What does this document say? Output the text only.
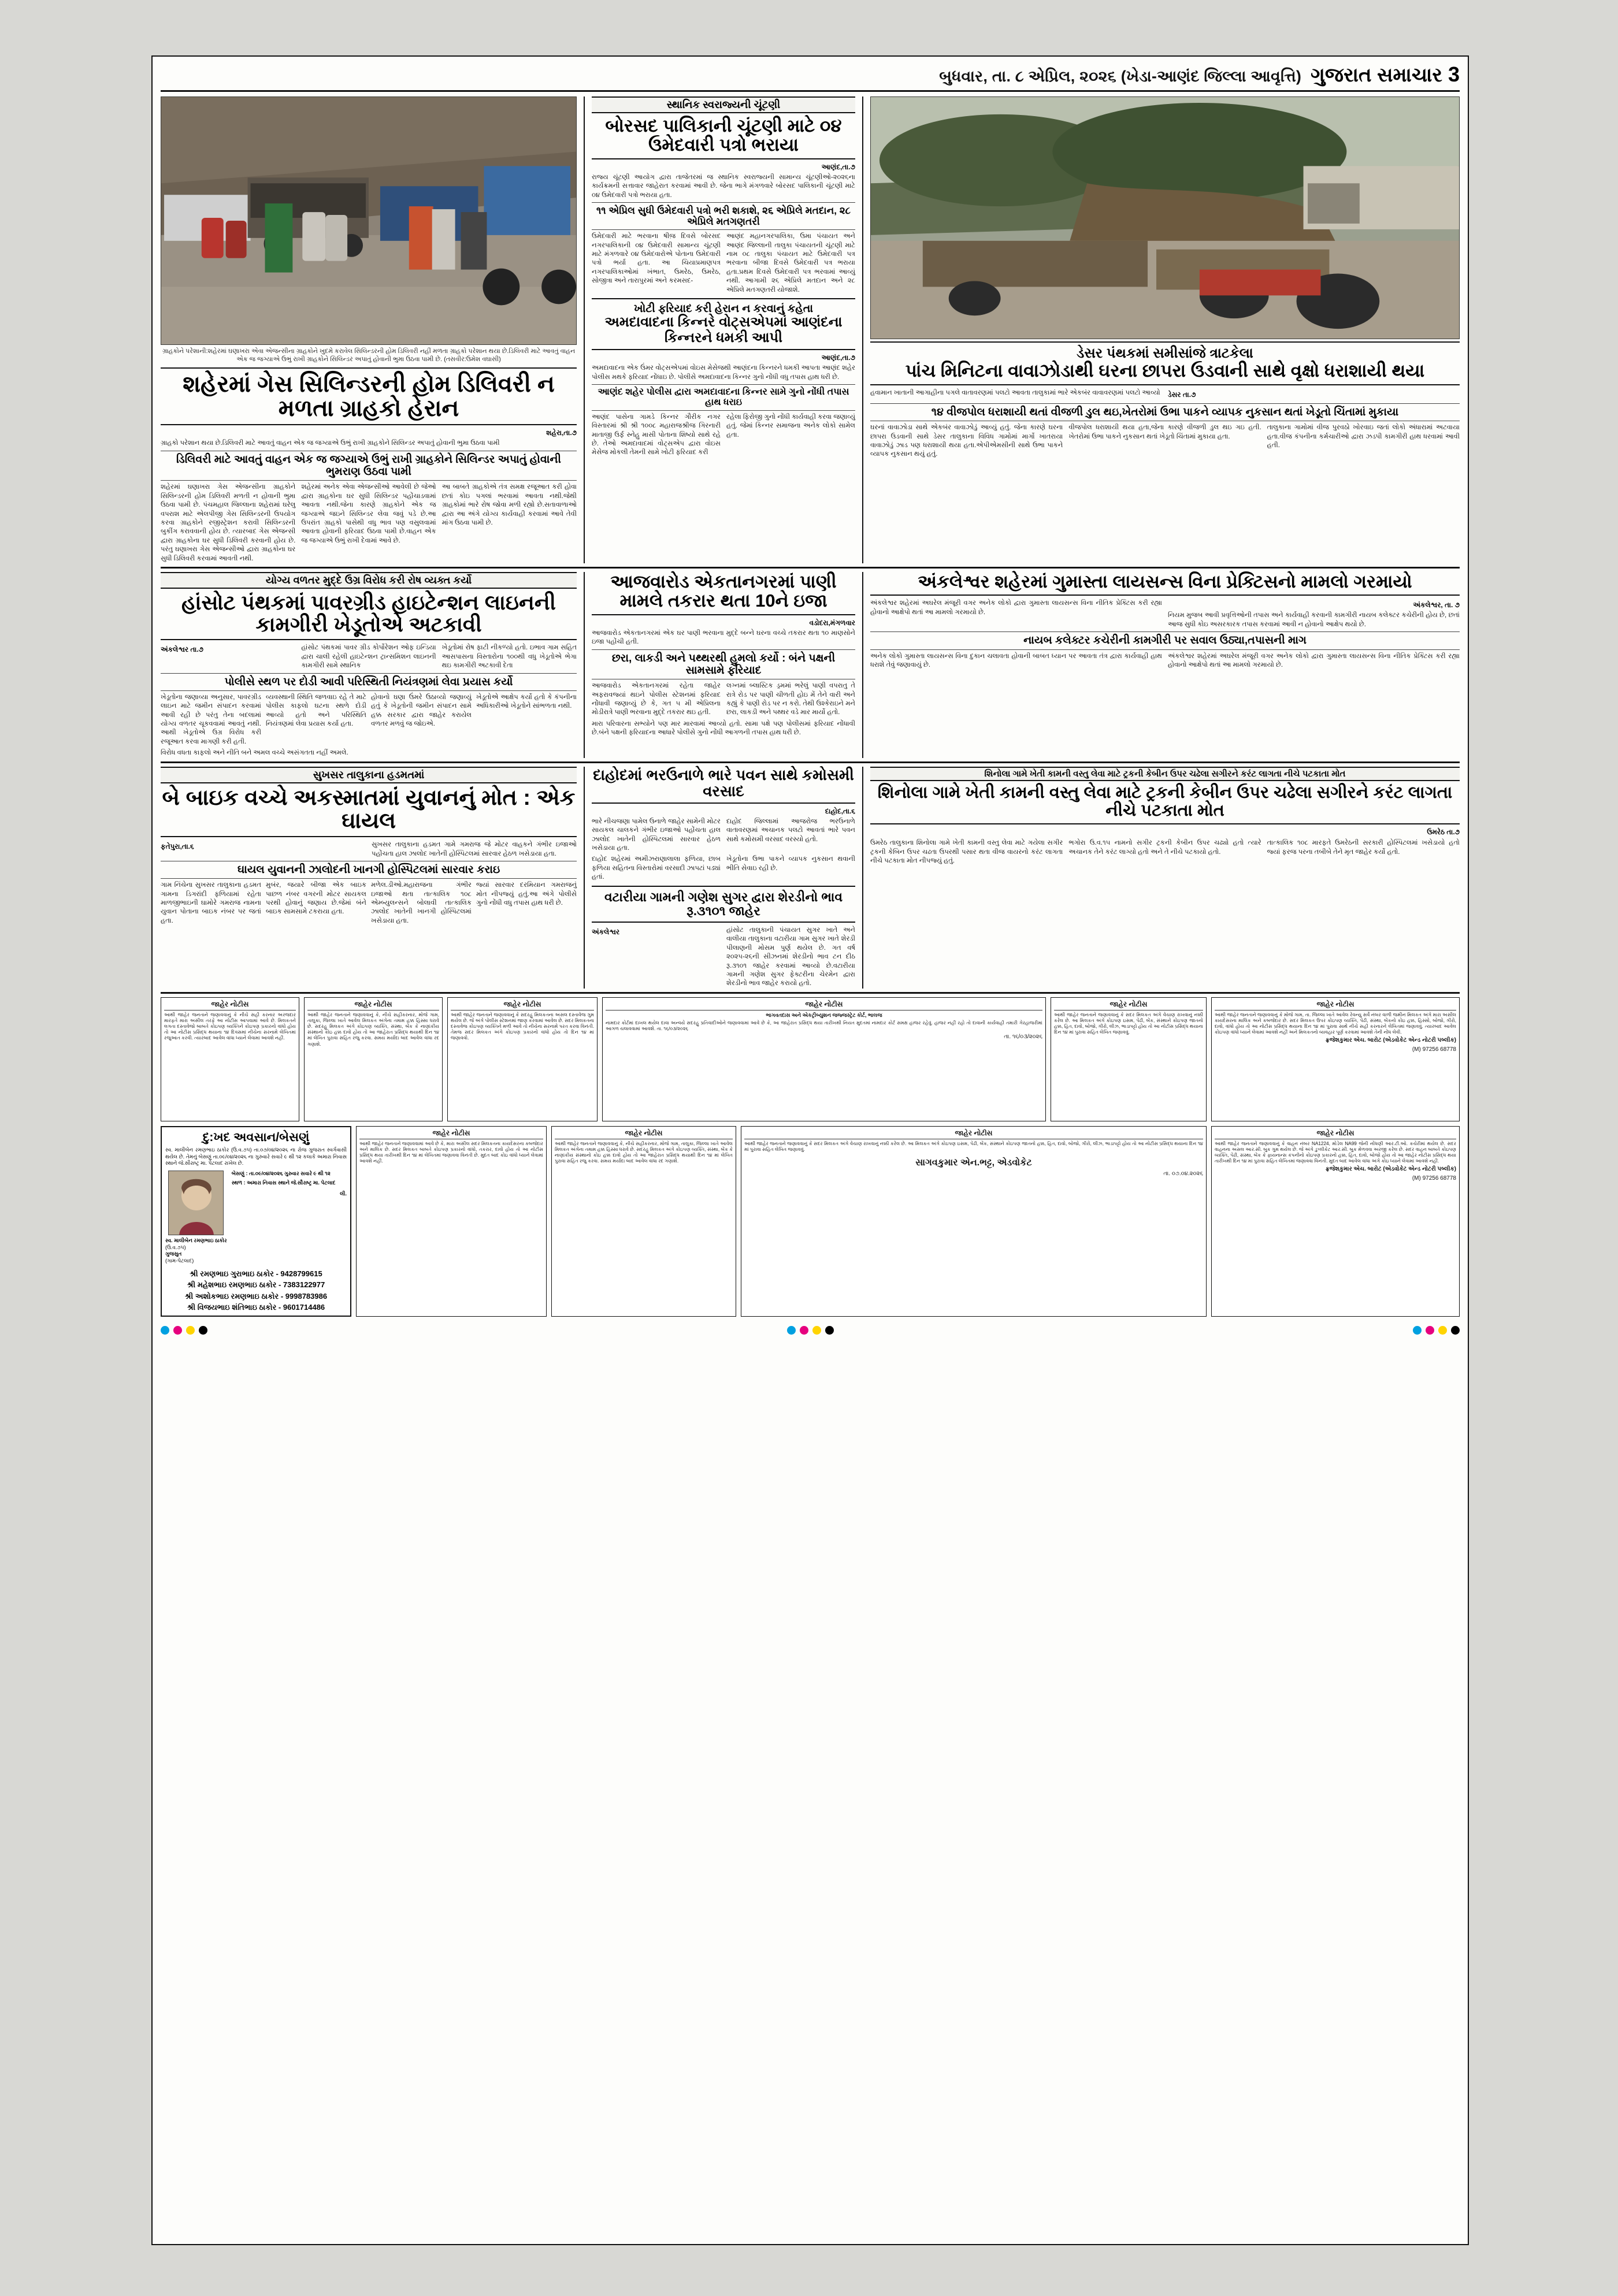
બુધવાર, તા. ૮ એપ્રિલ, ૨૦૨૬ (ખેડા-આણંદ જિલ્લા આવૃત્તિ) ગુજરાત સમાચાર 3
ગ્રાહકોને પરેશાની:શહેરમાં ઘણાખરા એવા એજન્સીના ગ્રાહકોને ખુદમે કરાવેલ સિલિન્ડરની હોમ ડિલિવરી નહીં મળતા ગ્રાહકો પરેશાન થયા છે.ડિલિવરી માટે આવતું વાહન એક જ જગ્યાએ ઉભું રાખી ગ્રાહકોને સિલિન્ડર અપાતું હોવાની ભુમા ઉઠવા પામી છે. (તસવીર:ઉમેશ વઘાસી)
શહેરમાં ગેસ સિલિન્ડરની હોમ ડિલિવરી ન મળતા ગ્રાહકો હેરાન
શહેરા,તા.૭
ગ્રાહકો પરેશાન થયા છે.ડિલિવરી માટે આવતું વાહન એક જ જગ્યાએ ઉભું રાખી ગ્રાહકોને સિલિન્ડર અપાતું હોવાની ભુમા ઉઠવા પામી
ડિલિવરી માટે આવતું વાહન એક જ જગ્યાએ ઉભું રાખી ગ્રાહકોને સિલિન્ડર અપાતું હોવાની ભુમરાણ ઉઠવા પામી
શહેરમાં ઘણાખરા ગેસ એજન્સીના ગ્રાહકોને સિલિન્ડરની હોમ ડિલિવરી મળતી ન હોવાની ભુમા ઉઠવા પામી છે. પંચમહાલ જિલ્લાના શહેરામાં ઘરેલુ વપરાશ માટે એલપીજી ગેસ સિલિન્ડરની ઉપયોગ કરવા ગ્રાહકોને રજીસ્ટ્રેશન કરાવી સિલિન્ડરની બુકીંગ કરાવવાની હોય છે. ત્યારબાદ ગેસ એજન્સી દ્વારા ગ્રાહકોના ઘર સુધી ડિલિવરી કરવાની હોય છે. પરંતુ ઘણાખરા ગેસ એજન્સીઓ દ્વારા ગ્રાહકોના ઘર સુધી ડિલિવરી કરવામાં આવતી નથી.
શહેરમાં અનેક એવા એજન્સીઓ આવેલી છે જેઓ દ્વારા ગ્રાહકોના ઘર સુધી સિલિન્ડર પહોંચાડવામાં આવતા નથી.જેના કારણે ગ્રાહકોને એક જ જગ્યાએ જઇને સિલિન્ડર લેવા જવું પડે છે.આ ઉપરાંત ગ્રાહકો પાસેથી વધુ ભાવ પણ વસુલવામાં આવતા હોવાની ફરિયાદ ઉઠવા પામી છે.વાહન એક જ જગ્યાએ ઉભું રાખી દેવામાં આવે છે.
આ બાબતે ગ્રાહકોએ તંત્ર સમક્ષ રજૂઆત કરી હોવા છતાં કોઇ પગલાં ભરવામાં આવતા નથી.જેથી ગ્રાહકોમાં ભારે રોષ જોવા મળી રહ્યો છે.સતાવાળાઓ દ્વારા આ અંગે યોગ્ય કાર્યવાહી કરવામાં આવે તેવી માંગ ઉઠવા પામી છે.
સ્થાનિક સ્વરાજ્યની ચૂંટણી
બોરસદ પાલિકાની ચૂંટણી માટે ૦૪ ઉમેદવારી પત્રો ભરાયા
આણંદ,તા.૭
રાજ્ય ચૂંટણી આયોગ દ્વારા તાજેતરમાં જ સ્થાનિક સ્વરાજ્યની સામાન્ય ચૂંટણીઓ-૨૦૨૬ના કાર્યક્રમની સત્તાવાર જાહેરાત કરવામાં આવી છે. જેના ભાગે મંગળવારે બોરસદ પાલિકાની ચૂંટણી માટે ૦૪ ઉમેદવારી પત્રો ભરાયા હતા.
૧૧ એપ્રિલ સુધી ઉમેદવારી પત્રો ભરી શકાશે, ૨૬ એપ્રિલે મતદાન, ૨૮ એપ્રિલે મતગણતરી
ઉમેદવારી માટે ભરવાના ષીજ઼ દિવસે બોરસદ નગરપાલિકાની ૦૪ ઉમેદવારી સામાન્ય ચૂંટણી માટે મંગળવારે ૦૪ ઉમેદવારોએ પોતાના ઉમેદવારી પત્રો ભર્યા હતા. આ ચિયાપ્રમાણપત્ર નગરપાલિકાઓમાં ખંભાત, ઉમરેઠ, ઉમરેઠ, સોજીત્રા અને તારાપુરમાં અને કરમસદ-
આણંદ મહાનગરપાલિકા, ઉમા પંચાયત અને આણંદ જિલ્લાની તાલુકા પંચાયતની ચૂંટણી માટે નામ ૦૮ તાલુકા પંચાયત માટે ઉમેદવારી પત્ર ભરવાના બીજા દિવસે ઉમેદવારી પત્ર ભરાયા હતા.પ્રથમ દિવસે ઉમેદવારી પત્ર ભરવામાં આવ્યું નથી. આગામી ૨૬ એપ્રિલે મતદાન અને ૨૮ એપ્રિલે મતગણતરી યોજાશે.
ખોટી ફરિયાદ કરી હેરાન ન કરવાનું કહેતા
અમદાવાદના કિન્નરે વોટ્સએપમાં આણંદના કિન્નરને ધમકી આપી
આણંદ,તા.૭
અમદાવાદના એક ઉંમર વોટ્સએપમાં વોઇસ મેસેજથી આણંદના કિન્નરને ધમકી આપતા આણંદ શહેર પોલીસ મથકે ફરિયાદ નોંધાઇ છે. પોલીસે અમદાવાદના કિન્નર ગુનો નોંધી વધુ તપાસ હાથ ધરી છે.
આણંદ શહેર પોલીસ દ્વારા અમદાવાદના કિન્નર સામે ગુનો નોંધી તપાસ હાથ ધરાઇ
આણંદ પાસેના ગામડે કિન્નર ગૌરીક નગર વિસ્તારમાં શ્રી શ્રી ૧૦૦૮ મહારાજશ્રીજ ગિરનારી માતાજી ઉર્ફ સ્નેહુ માસી પોતાના શિષ્યો સાથે રહે છે. તેઓ અમદાવાદમાં વોટ્સએપ દ્વારા વોઇસ મેસેજ મોકલી તેમની સામે ખોટી ફરિયાદ કરી
રહેલા ફિરોજી ગુનો નોંધી કાર્યવાહી કરવા જણાવ્યું હતું. જેમાં કિન્નર સમાજના અનેક લોકો સામેલ હતા.
ડેસર પંથકમાં સમીસાંજે ત્રાટકેલા
પાંચ મિનિટના વાવાઝોડાથી ઘરના છાપરા ઉડવાની સાથે વૃક્ષો ધરાશાયી થયા
હવામાન ખાતાની આગાહીના પગલે વાતાવરણમાં પલટો આવતા તાલુકામાં ભારે એકબંર વાવાવરણમાં પલટો આવ્યો ડેસર તા.૭
૧૪ વીજપોલ ધરાશાયી થતાં વીજળી ડુલ થઇ,ખેતરોમાં ઉભા પાકને વ્યાપક નુકસાન થતાં ખેડૂતો ચિંતામાં મુકાયા
ઘરનાં વાવાઝોડા સાથે એકબંર વાવાઝોડું આવ્યું હતું. જેના કારણે ઘરના છાપરા ઉડવાની સાથે ડેસર તાલુકાના વિવિધ ગામોમાં માર્ગો ખાતરાયા વાવાઝોડું ઝાડ પણ ધરાશાયી થયા હતા.એપીએમસીની સાથે ઉભા પાકને વ્યાપક નુકસાન થયું હતું.
વીજપોલ ધરાશાયી થયા હતા,જેના કારણે વીજળી ડુલ થઇ ગઇ હતી. ખેતરોમાં ઉભા પાકને નુકસાન થતાં ખેડૂતો ચિંતામાં મુકાયા હતા.
તાલુકાના ગામોમાં વીજ પુરવઠો ખોરવાઇ જતાં લોકો અંધારામાં અટવાયા હતા.વીજ કંપનીના કર્મચારીઓ દ્વારા ઝડપી કામગીરી હાથ ધરવામાં આવી હતી.
યોગ્ય વળતર મુદ્દે ઉગ્ર વિરોધ કરી રોષ વ્યક્ત કર્યો
હાંસોટ પંથકમાં પાવરગ્રીડ હાઇટેન્શન લાઇનની કામગીરી ખેડૂતોએ અટકાવી
અંકલેશ્વર તા.૭	હાંસોટ પંથકમાં પાવર ગ્રીડ કોર્પોરેશન ઓફ ઇન્ડિયા દ્વારા ચાલી રહેલી હાઇટેન્શન ટ્રાન્સમિશન લાઇનની કામગીરી સામે સ્થાનિક
ખેડૂતોમાં રોષ ફાટી નીકળ્યો હતો. ઇભાવ ગામ સહિત આસપાસના વિસ્તારોના ૧૦૦થી વધુ ખેડૂતોએ ભેગા થઇ કામગીરી અટકાવી દેતા
પોલીસે સ્થળ પર દોડી આવી પરિસ્થિતી નિયંત્રણમાં લેવા પ્રયાસ કર્યો
ખેડૂતોના જણાવ્યા અનુસાર, પાવરગ્રીડ લાઇન માટે જમીન સંપાદન કરવામાં આવી રહી છે પરંતુ તેના બદલામાં યોગ્ય વળતર ચૂકવવામાં આવતું નથી. આથી ખેડૂતોએ ઉગ્ર વિરોધ કરી રજૂઆત કરવા માગણી કરી હતી.
વ્યવસ્થાની સ્થિતિ જળવાઇ રહે તે માટે પોલીસ કાફલો ઘટના સ્થળે દોડી આવ્યો હતો અને પરિસ્થિતિ નિયંત્રણમાં લેવા પ્રયાસ કર્યા હતા.
હોવાનો ઘણા ઉંમરે ઉઠાવ્યો જણાવ્યું હતું કે ખેડૂતોની જમીન સંપાદન સામે હક્ક સરકાર દ્વારા જાહેર કરાયેલ વળતર મળવું જ જોઇએ.
ખેડૂતોએ આક્ષેપ કર્યો હતો કે કંપનીના અધિકારીઓ ખેડૂતોને સાંભળતા નથી.
વિરોધ વધતા કાફલો અને નીતિ બને અમલ વચ્ચે અસંગતતા નહીં અમલે.
આજવારોડ એકતાનગરમાં પાણી મામલે તકરાર થતા 10ને ઇજા
વડોદરા,મંગળવાર
આજવારોડ એકતાનગરમાં એક ઘર પાણી ભરવાના મુદ્દે બન્ને ઘરના વચ્ચે તકરાર થતા ૧૦ માણસોને ઇજા પહોંચી હતી.
છરા, લાકડી અને પથ્થરથી હુમલો કર્યો : બંને પક્ષની સામસામે ફરિયાદ
આજવારોડ એકતાનગરમાં રહેતા જાહેર અફરાવજ્યાં થઇને પોલીસ સ્ટેશનમાં ફરિયાદ નોંધાવી જણાવ્યું છે કે, ગત ૫ મી એપ્રિલના મોડીરાત્રે પાણી ભરવાના મુદ્દે તકરાર થઇ હતી.
લગ્નમાં બ્લાસ્ટિક ડ્રમમાં ભરેલું પાણી વપરાતુ તે રાત્રે રોડ પર પાણી ચીળતી હોઇ મેં તેને વારી અને કહ્યું કે પાણી રોડ પર ન કરો. તેથી ઉશ્કેરાઇને મને છરા, લાકડી અને પથ્થર વડે માર માર્યો હતો.
મારા પરિવારના સભ્યોને પણ માર મારવામાં આવ્યો હતો. સામા પક્ષે પણ પોલીસમાં ફરિયાદ નોંધાવી છે.બંને પક્ષની ફરિયાદના આધારે પોલીસે ગુનો નોંધી આગળની તપાસ હાથ ધરી છે.
અંકલેશ્વર શહેરમાં ગુમાસ્તા લાયસન્સ વિના પ્રેક્ટિસનો મામલો ગરમાયો
અંકલેશ્વર શહેરમાં અઘરેલ મંજૂરી વગર અનેક લોકો દ્વારા ગુમાસ્તા લાયસન્સ વિના નીતિક પ્રેક્ટિસ કરી રહ્યા હોવાનો આક્ષેપો થતાં આ મામલો ગરમાયો છે.
અંકલેશ્વર, તા. ૭
નિયમ મુજબ આવી પ્રવૃત્તિઓની તપાસ અને કાર્યવાહી કરવાની કામગીરી નાયબ કલેક્ટર કચેરીની હોય છે, છતાં આજ સુધી કોઇ અસરકારક તપાસ કરવામાં આવી ન હોવાનો આક્ષેપ થયો છે.
નાયબ કલેક્ટર કચેરીની કામગીરી પર સવાલ ઉઠ્યા,તપાસની માગ
અનેક લોકો ગુમાસ્તા લાયસન્સ વિના દુકાન ચલાવતા હોવાની બાબત ધ્યાન પર આવતા તંત્ર દ્વારા કાર્યવાહી હાથ ધરાશે તેવું જણાવાયું છે.
અંકલેશ્વર શહેરમાં અઘરેલ મંજૂરી વગર અનેક લોકો દ્વારા ગુમાસ્તા લાયસન્સ વિના નીતિક પ્રેક્ટિસ કરી રહ્યા હોવાનો આક્ષેપો થતાં આ મામલો ગરમાયો છે.
સુખસર તાલુકાના હડમતમાં
બે બાઇક વચ્ચે અકસ્માતમાં યુવાનનું મોત : એક ઘાયલ
ફતેપુરા,તા.૬	સુખસર તાલુકાના હડમત ગામે ગમરાજ જે મોટર વાહકને ગંભીર ઇજાઓ પહોંચતા હાલ ઝાલોદ ખાતેની હોસ્પિટલમાં સારવાર હેઠળ ખસેડાયા હતા.
ઘાયલ યુવાનની ઝાલોદની ખાનગી હોસ્પિટલમાં સારવાર કરાઇ
ગામ નિંચેના સુખસર તાલુકાના હડમત ગામના ડિગરાંદી ફળિયામાં રહેતા માળજીભાઇની ઘામોરે ગમરાજ નામના યુવાન પોતાના બાઇક નંબર પર જતાં હતા.
મુબંર, જયારે બીજા એક બાઇક પાછળ નંબર વગરની મોટર સાયકલ પરથી હોવાનું જણાય છે.જેમાં બંને બાઇક સામસામે ટકરાયા હતા.
મળેલ.ડીઓ.મહારાજના ગંભીર ઇજાઓ થતા તાત્કાલિક ૧૦૮ એમ્બ્યુલન્સને બોલાવી તાત્કાલિક ઝાલોદ ખાતેની ખાનગી હોસ્પિટલમાં ખસેડાયા હતા.
જ્યાં સારવાર દરમિયાન ગમરાજનું મોત નીપજ્યું હતું.આ અંગે પોલીસે ગુનો નોંધી વધુ તપાસ હાથ ધરી છે.
દાહોદમાં ભરઉનાળે ભારે પવન સાથે કમોસમી વરસાદ
દાહોદ,તા.૬
ભારે નીચજણા પામેલ ઉનાળે જાહેર સામેની મોટર સાયકલ ચાલકને ગંભીર ઇજાઓ પહોંચતા હાલ ઝાલોદ ખાતેની હોસ્પિટલમાં સારવાર હેઠળ ખસેડાયા હતા.
દાહોદ જિલ્લામાં આજરોજ ભરઉનાળે વાતાવરણમાં અચાનક પલટો આવતાં ભારે પવન સાથે કમોસમી વરસાદ વરસ્યો હતો.
દાહોદ શહેરમાં અમીઝરાણાલાલા ફળિયા, છાબ ફળિયા સહિતના વિસ્તારોમાં વરસાદી ઝાપટાં પડ્યાં હતાં.
ખેડૂતોના ઉભા પાકને વ્યાપક નુકસાન થવાની ભીતિ સેવાઇ રહી છે.
વટારીયા ગામની ગણેશ સુગર દ્વારા શેરડીનો ભાવ રૂ.૩૧૦૧ જાહેર
અંકલેશ્વર	હાંસોટ તાલુકાની પંચાયત સુગર ખાતે અને વાલીયા તાલુકાના વટારીયા ગામ સુગર ખાતે શેરડી પીલાણની મોસમ પુર્ણ થયેલ છે. ગત વર્ષ ૨૦૨૫-૨૬ની સીઝનમાં શેરડીનો ભાવ ટન દીઠ રૂ.૩૧૦૧ જાહેર કરવામાં આવ્યો છે.વટારીયા ગામની ગણેશ સુગર ફેક્ટરીના ચેરમેન દ્વારા શેરડીનો ભાવ જાહેર કરાયો હતો.
શિનોલા ગામે ખેતી કામની વસ્તુ લેવા માટે ટ્રકની કેબીન ઉપર ચઢેલા સગીરને કરંટ લાગતા નીચે પટકાતા મોત
શિનોલા ગામે ખેતી કામની વસ્તુ લેવા માટે ટ્રકની કેબીન ઉપર ચઢેલા સગીરને કરંટ લાગતા નીચે પટકાતા મોત
ઉમરેઠ તા.૭
ઉમરેઠ તાલુકાના શિનોલા ગામે ખેતી કામની વસ્તુ લેવા માટે ગયેલા સગીર ટ્રકની કેબિન ઉપર ચઢતા ઉપરથી પસાર થતા વીજ વાયરનો કરંટ લાગતા નીચે પટકાતા મોત નીપજ્યું હતું.
ભગોરા ઉ.વ.૧૫ નામનો સગીર ટ્રકની કેબીન ઉપર ચઢ્યો હતો ત્યારે અચાનક તેને કરંટ લાગ્યો હતો અને તે નીચે પટકાયો હતો.
તાત્કાલિક ૧૦૮ મારફતે ઉમરેઠની સરકારી હોસ્પિટલમાં ખસેડાયો હતો જ્યાં ફરજ પરના તબીબે તેને મૃત જાહેર કર્યો હતો.
જાહેર નોટીસ
આથી જાહેર જનતાને જણાવવાનું કે નીચે સહી કરનાર અરજદાર મારફતે મારા અસીલ તરફે આ નોટીસ આપવામાં આવે છે. મિલકતને લગતા દસ્તાવેજો બાબતે કોઇપણ વ્યક્તિને કોઇપણ પ્રકારનો વાંધો હોય તો આ નોટીસ પ્રસિદ્ધ થયાના ૧૪ દિવસમાં નીચેના સરનામે લેખિતમાં રજુઆત કરવી. ત્યારબાદ આવેલ વાંધા ધ્યાને લેવામાં આવશે નહીં.
જાહેર નોટીસ
આથી જાહેર જનતાને જણાવવાનું કે, નીચે સહીકરનાર, મોજે ગામ, તાલુકા, જિલ્લા ખાતે આવેલ મિલકત અંગેના તમામ હક્ક હિસ્સા ધરાવે છે. સદરહુ મિલકત અંગે કોઇપણ વ્યક્તિ, સંસ્થા, બેંક કે નાણાંકીય સંસ્થાનો કોઇ હક્ક દાવો હોય તો આ જાહેરાત પ્રસિદ્ધ થયાથી દિન ૧૪ માં લેખિત પુરાવા સહિત રજુ કરવા. સમય મર્યાદા બાદ આવેલ વાંધા રદ ગણાશે.
જાહેર નોટીસ
આથી જાહેર જનતાને જણાવવાનું કે સદરહુ મિલકતના અસલ દસ્તાવેજ ગુમ થયેલ છે. જે અંગે પોલીસ સ્ટેશનમાં જાણ કરવામાં આવેલ છે. સદર મિલકતના દસ્તાવેજ કોઇપણ વ્યક્તિને મળી આવે તો નીચેના સરનામે પરત કરવા વિનંતી. તેમજ સદર મિલકત અંગે કોઇપણ પ્રકારનો વાંધો હોય તો દિન ૧૪ માં જણાવવો.
જાહેર નોટીસ
ભાગવતદાસ અને એકટ્રીબ્યુશન જજ્જસ્ટ્રેટ કોર્ટ, ભાલજ
નામદાર કોર્ટમાં દાખલ થયેલ દાવા અન્વયે સદરહુ પ્રતિવાદીઓને જણાવવામાં આવે છે કે, આ જાહેરાત પ્રસિદ્ધ થયા તારીખથી નિયત મુદતમાં નામદાર કોર્ટ સમક્ષ હાજર રહેવું. હાજર નહીં રહો તો દાવાની કાર્યવાહી તમારી ગેરહાજરીમાં આગળ ચલાવવામાં આવશે. તા. ૧૬/૦૩/૨૦૨૬
તા. ૧૬/૦૩/૨૦૨૬
જાહેર નોટીસ
આથી જાહેર જનતાને જણાવવાનું કે સદર મિલકત અંગે વેચાણ રાખવાનું નક્કી કરેલ છે. આ મિલકત અંગે કોઇપણ ઇસમ, પેઢી, બેંક, સંસ્થાને કોઇપણ જાતનો હક્ક, હિત, દાવો, બોજો, ગીરો, લીઝ, ભાડાપટ્ટો હોય તો આ નોટીસ પ્રસિદ્ધ થયાના દિન ૧૪ માં પુરાવા સહિત લેખિત જણાવવું.
જાહેર નોટીસ
આથી જાહેર જનતાને જણાવવાનું કે મોજે ગામ, તા. જિલ્લા ખાતે આવેલ રેવન્યુ સર્વે નંબર વાળી જમીન મિલકત અંગે મારા અસીલ કાયદેસરના માલિક અને કબજેદાર છે. સદર મિલકત ઉપર કોઇપણ વ્યક્તિ, પેઢી, સંસ્થા, બેંકનો કોઇ હક્ક, હિસ્સો, બોજો, ગીરો, દાવો, વાંધો હોય તો આ નોટીસ પ્રસિદ્ધ થયાના દિન ૧૪ માં પુરાવા સાથે નીચે સહી કરનારને લેખિતમાં જણાવવું. ત્યારબાદ આવેલ કોઇપણ વાંધો ધ્યાને લેવામાં આવશે નહીં અને મિલકતનો વ્યવહાર પૂર્ણ કરવામાં આવશે તેની નોંધ લેવી.
ફ્રજેશકુમાર એચ. બારોટ (એડવોકેટ એન્ડ નોટરી પબ્લીક)
(M) 97256 68778
દુ:ખદ અવસાન/બેસણું
સ્વ. માલીબેન રમણભાઇ ઠાકોર (ઉ.વ.૭૫) તા.૦૭/૦૪/૨૦૨૬ ના રોજ ગુજરાત સ્વર્ગવાસી થયેલ છે. તેમનું બેસણું તા.૦૯/૦૪/૨૦૨૬ ના ગુરુવારે સવારે ૯ થી ૧૨ કલાકે અમારા નિવાસ સ્થાને જે.સૌરાષ્ટ્ર મા. પેટલાદ રાખેલ છે.
સ્વ. માલીબેન રમણભાઇ ઠાકોર
(ઉ.વ.૭૫)
ગુજસુત
(ગામ-પેટલાદ)
બેસણું : તા.૦૯/૦૪/૨૦૨૬ ગુરુવાર સવારે ૯ થી ૧૨
સ્થળ : અમારા નિવાસ સ્થાને જે.સૌરાષ્ટ્ર મા. પેટલાદ
લી.
શ્રી રમણભાઇ ગુરાભાઇ ઠાકોર - 9428799615
શ્રી મહેશભાઇ રમણભાઇ ઠાકોર - 7383122977
શ્રી અશોકભાઇ રમણભાઇ ઠાકોર - 9998783986
શ્રી વિજયભાઇ શંતિભાઇ ઠાકોર - 9601714486
જાહેર નોટીસ
આથી જાહેર જનતાને જણાવવામાં આવે છે કે, મારા અસીલ સદર મિલકતના કાયદેસરના કબજેદાર અને માલિક છે. સદર મિલકત બાબતે કોઇપણ પ્રકારનો વાંધો, તકરાર, દાવો હોય તો આ નોટીસ પ્રસિદ્ધ થયા તારીખથી દિન ૧૪ માં લેખિતમાં જણાવવા વિનંતી છે. મુદત બાદ કોઇ વાંધો ધ્યાને લેવામાં આવશે નહીં.
જાહેર નોટીસ
આથી જાહેર જનતાને જણાવવાનું કે, નીચે સહીકરનાર, મોજે ગામ, તાલુકા, જિલ્લા ખાતે આવેલ મિલકત અંગેના તમામ હક્ક હિસ્સા ધરાવે છે. સદરહુ મિલકત અંગે કોઇપણ વ્યક્તિ, સંસ્થા, બેંક કે નાણાંકીય સંસ્થાનો કોઇ હક્ક દાવો હોય તો આ જાહેરાત પ્રસિદ્ધ થયાથી દિન ૧૪ માં લેખિત પુરાવા સહિત રજુ કરવા. સમય મર્યાદા બાદ આવેલ વાંધા રદ ગણાશે.
જાહેર નોટીસ
આથી જાહેર જનતાને જણાવવાનું કે સદર મિલકત અંગે વેચાણ રાખવાનું નક્કી કરેલ છે. આ મિલકત અંગે કોઇપણ ઇસમ, પેઢી, બેંક, સંસ્થાને કોઇપણ જાતનો હક્ક, હિત, દાવો, બોજો, ગીરો, લીઝ, ભાડાપટ્ટો હોય તો આ નોટીસ પ્રસિદ્ધ થયાના દિન ૧૪ માં પુરાવા સહિત લેખિત જણાવવું.
સાગવકુમાર એન.ભટ્ટ, એડવોકેટ
તા. ૦૭.૦૪.૨૦૨૬
જાહેર નોટીસ
આથી જાહેર જનતાને જણાવવાનું કે વાહન નંબર NA1224, મોડેલ NA99 જેની નોંધણી આર.ટી.ઓ. કચેરીમાં થયેલ છે. સદર વાહનના અસલ આર.સી. બુક ગુમ થયેલ છે. જે અંગે ડુપ્લીકેટ આર.સી. બુક મેળવવા અરજી કરેલ છે. સદર વાહન બાબતે કોઇપણ વ્યક્તિ, પેઢી, સંસ્થા, બેંક કે ફાયનાન્સ કંપનીનો કોઇપણ પ્રકારનો હક્ક, હિત, દાવો, બોજો હોય તો આ જાહેર નોટીસ પ્રસિદ્ધ થયા તારીખથી દિન ૧૪ માં પુરાવા સહિત લેખિતમાં જણાવવા વિનંતી. મુદત બાદ આવેલ વાંધા અંગે કોઇ ધ્યાને લેવામાં આવશે નહીં.
ફ્રજેશકુમાર એચ. બારોટ (એડવોકેટ એન્ડ નોટરી પબ્લીક)
(M) 97256 68778
